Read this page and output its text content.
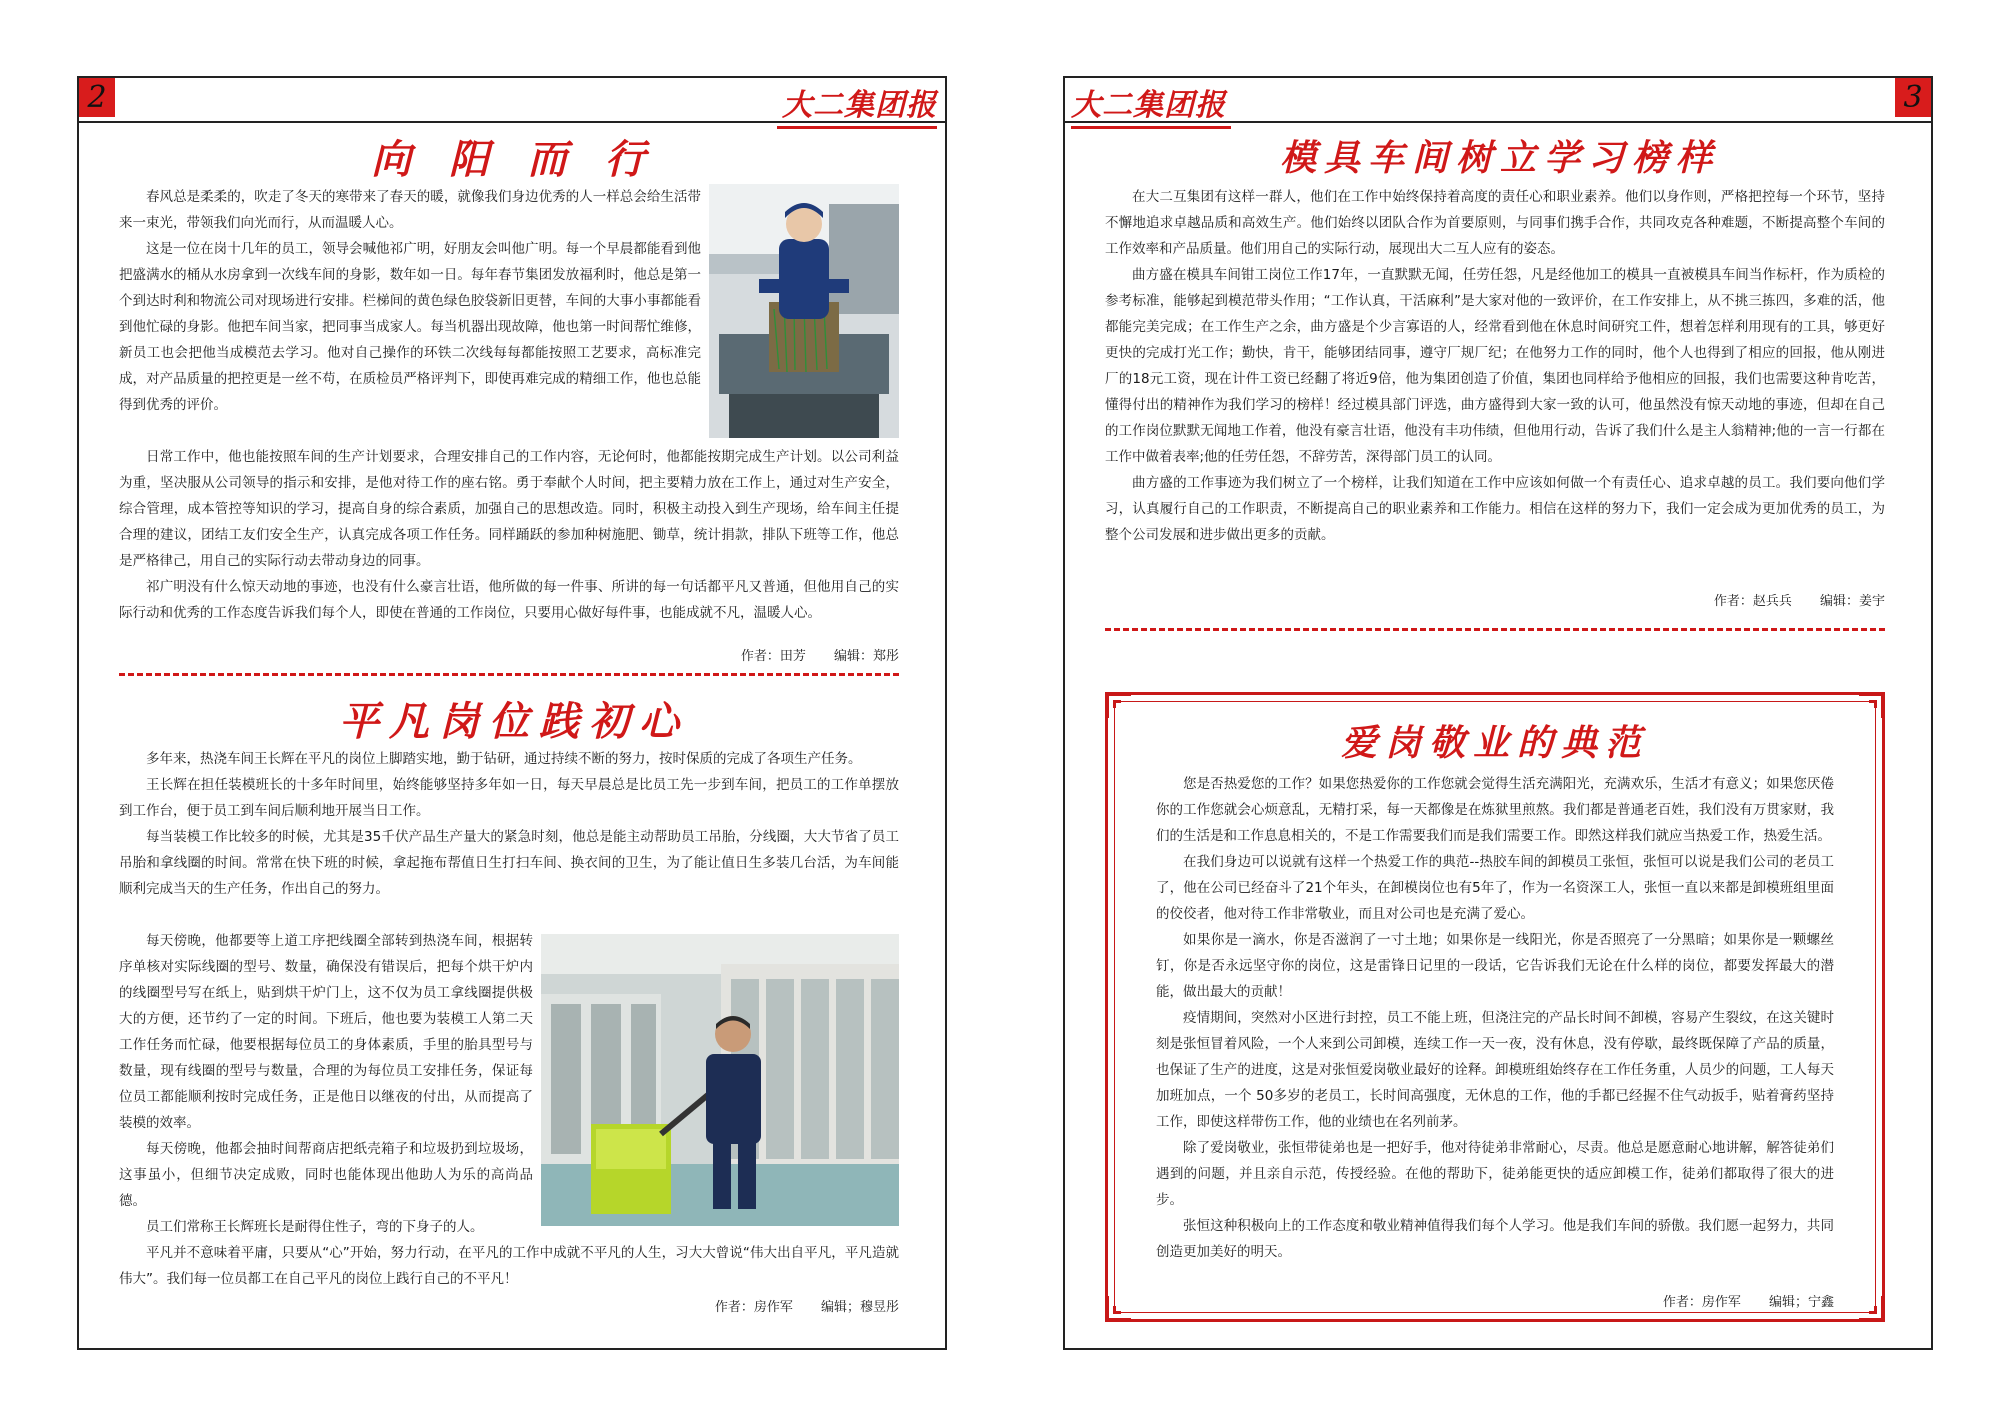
2	大二集团报
向 阳 而 行

春风总是柔柔的，吹走了冬天的寒带来了春天的暖，就像我们身边优秀的人一样总会给生活带来一束光，带领我们向光而行，从而温暖人心。

这是一位在岗十几年的员工，领导会喊他祁广明，好朋友会叫他广明。每一个早晨都能看到他把盛满水的桶从水房拿到一次线车间的身影，数年如一日。每年春节集团发放福利时，他总是第一个到达时利和物流公司对现场进行安排。栏梯间的黄色绿色胶袋新旧更替，车间的大事小事都能看到他忙碌的身影。他把车间当家，把同事当成家人。每当机器出现故障，他也第一时间帮忙维修，新员工也会把他当成模范去学习。他对自己操作的环铁二次线每每都能按照工艺要求，高标准完成，对产品质量的把控更是一丝不苟，在质检员严格评判下，即使再难完成的精细工作，他也总能得到优秀的评价。

日常工作中，他也能按照车间的生产计划要求，合理安排自己的工作内容，无论何时，他都能按期完成生产计划。以公司利益为重，坚决服从公司领导的指示和安排，是他对待工作的座右铭。勇于奉献个人时间，把主要精力放在工作上，通过对生产安全，综合管理，成本管控等知识的学习，提高自身的综合素质，加强自己的思想改造。同时，积极主动投入到生产现场，给车间主任提合理的建议，团结工友们安全生产，认真完成各项工作任务。同样踊跃的参加种树施肥、锄草，统计捐款，排队下班等工作，他总是严格律己，用自己的实际行动去带动身边的同事。

祁广明没有什么惊天动地的事迹，也没有什么豪言壮语，他所做的每一件事、所讲的每一句话都平凡又普通，但他用自己的实际行动和优秀的工作态度告诉我们每个人，即使在普通的工作岗位，只要用心做好每件事，也能成就不凡，温暖人心。

作者：田芳 编辑：郑彤
平凡岗位践初心

多年来，热浇车间王长辉在平凡的岗位上脚踏实地，勤于钻研，通过持续不断的努力，按时保质的完成了各项生产任务。

王长辉在担任装模班长的十多年时间里，始终能够坚持多年如一日，每天早晨总是比员工先一步到车间，把员工的工作单摆放到工作台，便于员工到车间后顺利地开展当日工作。

每当装模工作比较多的时候，尤其是35千伏产品生产量大的紧急时刻，他总是能主动帮助员工吊胎，分线圈，大大节省了员工吊胎和拿线圈的时间。常常在快下班的时候，拿起拖布帮值日生打扫车间、换衣间的卫生，为了能让值日生多装几台活，为车间能顺利完成当天的生产任务，作出自己的努力。

每天傍晚，他都要等上道工序把线圈全部转到热浇车间，根据转序单核对实际线圈的型号、数量，确保没有错误后，把每个烘干炉内的线圈型号写在纸上，贴到烘干炉门上，这不仅为员工拿线圈提供极大的方便，还节约了一定的时间。下班后，他也要为装模工人第二天工作任务而忙碌，他要根据每位员工的身体素质，手里的胎具型号与数量，现有线圈的型号与数量，合理的为每位员工安排任务，保证每位员工都能顺利按时完成任务，正是他日以继夜的付出，从而提高了装模的效率。

每天傍晚，他都会抽时间帮商店把纸壳箱子和垃圾扔到垃圾场，这事虽小，但细节决定成败，同时也能体现出他助人为乐的高尚品德。

员工们常称王长辉班长是耐得住性子，弯的下身子的人。

平凡并不意味着平庸，只要从“心”开始，努力行动，在平凡的工作中成就不平凡的人生，习大大曾说“伟大出自平凡，平凡造就伟大”。我们每一位员都工在自己平凡的岗位上践行自己的不平凡！

作者：房作军 编辑；穆昱彤
大二集团报	3
模具车间树立学习榜样

在大二互集团有这样一群人，他们在工作中始终保持着高度的责任心和职业素养。他们以身作则，严格把控每一个环节，坚持不懈地追求卓越品质和高效生产。他们始终以团队合作为首要原则，与同事们携手合作，共同攻克各种难题，不断提高整个车间的工作效率和产品质量。他们用自己的实际行动，展现出大二互人应有的姿态。

曲方盛在模具车间钳工岗位工作17年，一直默默无闻，任劳任怨，凡是经他加工的模具一直被模具车间当作标杆，作为质检的参考标准，能够起到模范带头作用；“工作认真，干活麻利”是大家对他的一致评价，在工作安排上，从不挑三拣四，多难的活，他都能完美完成；在工作生产之余，曲方盛是个少言寡语的人，经常看到他在休息时间研究工件，想着怎样利用现有的工具，够更好更快的完成打光工作；勤快，肯干，能够团结同事，遵守厂规厂纪；在他努力工作的同时，他个人也得到了相应的回报，他从刚进厂的18元工资，现在计件工资已经翻了将近9倍，他为集团创造了价值，集团也同样给予他相应的回报，我们也需要这种肯吃苦，懂得付出的精神作为我们学习的榜样！经过模具部门评选，曲方盛得到大家一致的认可，他虽然没有惊天动地的事迹，但却在自己的工作岗位默默无闻地工作着，他没有豪言壮语，他没有丰功伟绩，但他用行动，告诉了我们什么是主人翁精神;他的一言一行都在工作中做着表率;他的任劳任怨，不辞劳苦，深得部门员工的认同。

曲方盛的工作事迹为我们树立了一个榜样，让我们知道在工作中应该如何做一个有责任心、追求卓越的员工。我们要向他们学习，认真履行自己的工作职责，不断提高自己的职业素养和工作能力。相信在这样的努力下，我们一定会成为更加优秀的员工，为整个公司发展和进步做出更多的贡献。

作者：赵兵兵 编辑：姜宇
爱岗敬业的典范

您是否热爱您的工作？如果您热爱你的工作您就会觉得生活充满阳光，充满欢乐，生活才有意义；如果您厌倦你的工作您就会心烦意乱，无精打采，每一天都像是在炼狱里煎熬。我们都是普通老百姓，我们没有万贯家财，我们的生活是和工作息息相关的，不是工作需要我们而是我们需要工作。即然这样我们就应当热爱工作，热爱生活。

在我们身边可以说就有这样一个热爱工作的典范--热胶车间的卸模员工张恒，张恒可以说是我们公司的老员工了，他在公司已经奋斗了21个年头，在卸模岗位也有5年了，作为一名资深工人，张恒一直以来都是卸模班组里面的佼佼者，他对待工作非常敬业，而且对公司也是充满了爱心。

如果你是一滴水，你是否滋润了一寸土地；如果你是一线阳光，你是否照亮了一分黑暗；如果你是一颗螺丝钉，你是否永远坚守你的岗位，这是雷锋日记里的一段话，它告诉我们无论在什么样的岗位，都要发挥最大的潜能，做出最大的贡献！

疫情期间，突然对小区进行封控，员工不能上班，但浇注完的产品长时间不卸模，容易产生裂纹，在这关键时刻是张恒冒着风险，一个人来到公司卸模，连续工作一天一夜，没有休息，没有停歇，最终既保障了产品的质量，也保证了生产的进度，这是对张恒爱岗敬业最好的诠释。卸模班组始终存在工作任务重，人员少的问题，工人每天加班加点，一个 50多岁的老员工，长时间高强度，无休息的工作，他的手都已经握不住气动扳手，贴着膏药坚持工作，即使这样带伤工作，他的业绩也在名列前茅。

除了爱岗敬业，张恒带徒弟也是一把好手，他对待徒弟非常耐心，尽责。他总是愿意耐心地讲解，解答徒弟们遇到的问题，并且亲自示范，传授经验。在他的帮助下，徒弟能更快的适应卸模工作，徒弟们都取得了很大的进步。

张恒这种积极向上的工作态度和敬业精神值得我们每个人学习。他是我们车间的骄傲。我们愿一起努力，共同创造更加美好的明天。

作者：房作军 编辑；宁鑫
